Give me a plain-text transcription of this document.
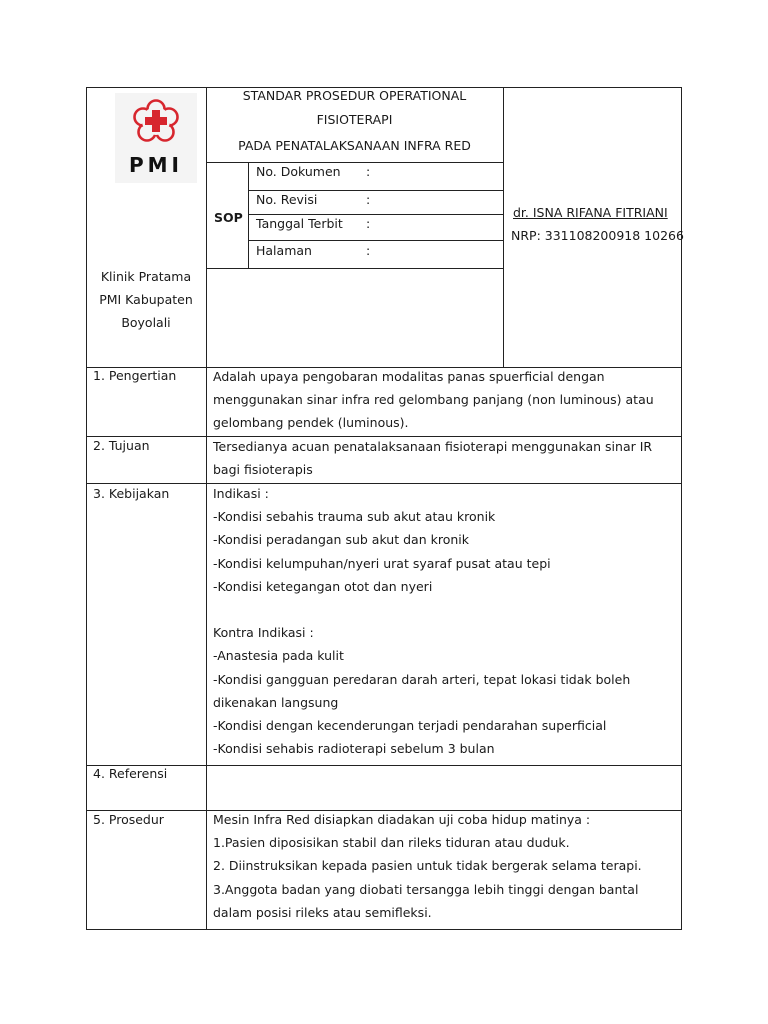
PMI
STANDAR PROSEDUR OPERATIONAL
FISIOTERAPI
PADA PENATALAKSANAAN INFRA RED
SOP
No. Dokumen :
No. Revisi	:
Tanggal Terbit :
Halaman	:
dr. ISNA RIFANA FITRIANI
NRP: 331108200918 10266
Klinik Pratama
PMI Kabupaten
Boyolali
1. Pengertian
2. Tujuan
3. Kebijakan
4. Referensi
5. Prosedur
Adalah upaya pengobaran modalitas panas spuerficial dengan
menggunakan sinar infra red gelombang panjang (non luminous) atau
gelombang pendek (luminous).
Tersedianya acuan penatalaksanaan fisioterapi menggunakan sinar IR
bagi fisioterapis
Indikasi :
-Kondisi sebahis trauma sub akut atau kronik
-Kondisi peradangan sub akut dan kronik
-Kondisi kelumpuhan/nyeri urat syaraf pusat atau tepi
-Kondisi ketegangan otot dan nyeri
Kontra Indikasi :
-Anastesia pada kulit
-Kondisi gangguan peredaran darah arteri, tepat lokasi tidak boleh
dikenakan langsung
-Kondisi dengan kecenderungan terjadi pendarahan superficial
-Kondisi sehabis radioterapi sebelum 3 bulan
Mesin Infra Red disiapkan diadakan uji coba hidup matinya :
1.Pasien diposisikan stabil dan rileks tiduran atau duduk.
2. Diinstruksikan kepada pasien untuk tidak bergerak selama terapi.
3.Anggota badan yang diobati tersangga lebih tinggi dengan bantal
dalam posisi rileks atau semifleksi.
